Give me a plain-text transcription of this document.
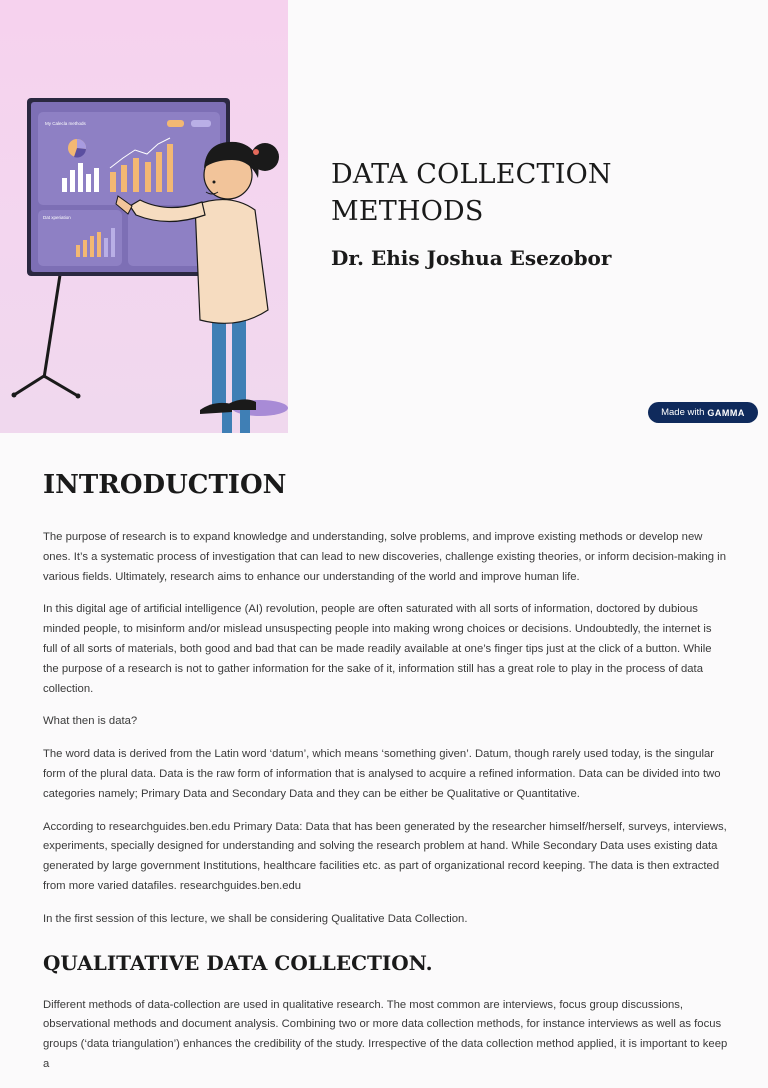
My Calecla methods
Dat xperiation
DATA COLLECTION METHODS

Dr. Ehis Joshua Esezobor

Made with GAMMA
INTRODUCTION

The purpose of research is to expand knowledge and understanding, solve problems, and improve existing methods or develop new ones. It’s a systematic process of investigation that can lead to new discoveries, challenge existing theories, or inform decision-making in various fields. Ultimately, research aims to enhance our understanding of the world and improve human life.

In this digital age of artificial intelligence (AI) revolution, people are often saturated with all sorts of information, doctored by dubious minded people, to misinform and/or mislead unsuspecting people into making wrong choices or decisions. Undoubtedly, the internet is full of all sorts of materials, both good and bad that can be made readily available at one’s finger tips just at the click of a button. While the purpose of a research is not to gather information for the sake of it, information still has a great role to play in the process of data collection.

What then is data?

The word data is derived from the Latin word ‘datum’, which means ‘something given’. Datum, though rarely used today, is the singular form of the plural data. Data is the raw form of information that is analysed to acquire a refined information. Data can be divided into two categories namely; Primary Data and Secondary Data and they can be either be Qualitative or Quantitative.

According to researchguides.ben.edu Primary Data: Data that has been generated by the researcher himself/herself, surveys, interviews, experiments, specially designed for understanding and solving the research problem at hand. While Secondary Data uses existing data generated by large government Institutions, healthcare facilities etc. as part of organizational record keeping. The data is then extracted from more varied datafiles. researchguides.ben.edu

In the first session of this lecture, we shall be considering Qualitative Data Collection.

QUALITATIVE DATA COLLECTION.

Different methods of data-collection are used in qualitative research. The most common are interviews, focus group discussions, observational methods and document analysis. Combining two or more data collection methods, for instance interviews as well as focus groups (‘data triangulation’) enhances the credibility of the study. Irrespective of the data collection method applied, it is important to keep a
